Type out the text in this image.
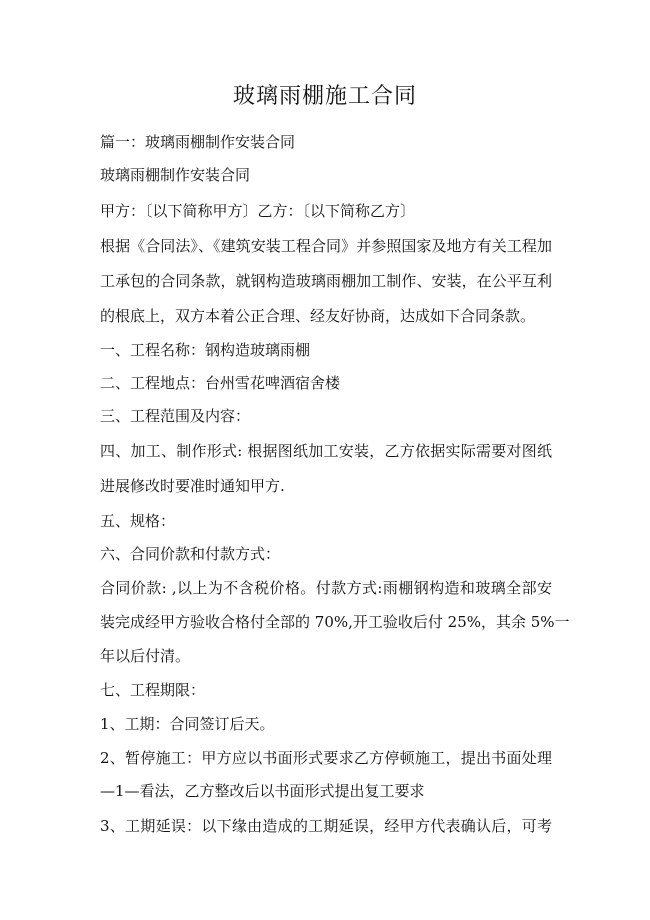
玻璃雨棚施工合同
篇一：玻璃雨棚制作安装合同
玻璃雨棚制作安装合同
甲方：〔以下简称甲方〕乙方：〔以下简称乙方〕
根据《合同法》、《建筑安装工程合同》并参照国家及地方有关工程加
工承包的合同条款，就钢构造玻璃雨棚加工制作、安装，在公平互利
的根底上，双方本着公正合理、经友好协商，达成如下合同条款。
一、工程名称：钢构造玻璃雨棚
二、工程地点：台州雪花啤酒宿舍楼
三、工程范围及内容：
四、加工、制作形式: 根据图纸加工安装，乙方依据实际需要对图纸
进展修改时要准时通知甲方.
五、规格：
六、合同价款和付款方式：
合同价款: ,以上为不含税价格。付款方式:雨棚钢构造和玻璃全部安
装完成经甲方验收合格付全部的 70%,开工验收后付 25%，其余 5%一
年以后付清。
七、工程期限：
1、工期：合同签订后天。
2、暂停施工：甲方应以书面形式要求乙方停顿施工，提出书面处理
—1—看法，乙方整改后以书面形式提出复工要求
3、工期延误：以下缘由造成的工期延误，经甲方代表确认后，可考
